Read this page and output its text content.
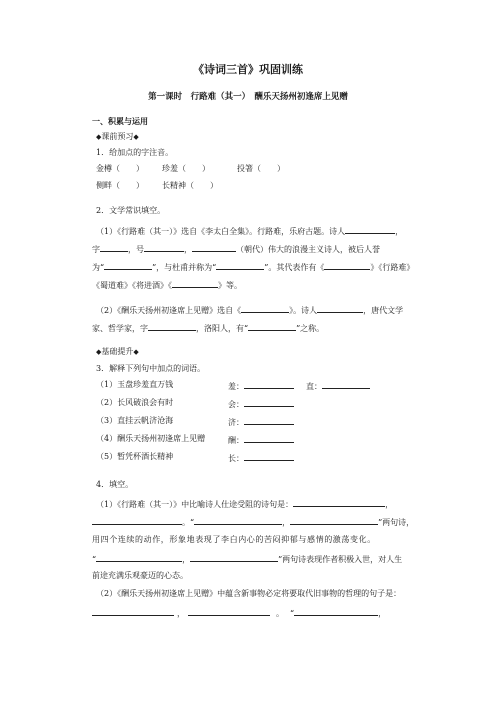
《诗词三首》巩固训练
第一课时　行路难（其一）　酬乐天扬州初逢席上见赠
一、积累与运用
◆课前预习◆
1．给加点的字注音。
金樽（　　） 珍羞（　　）	投箸（　　）
侧畔（　　） 长精神（　　）
2．文学常识填空。
（1）《行路难（其一）》选自《李太白全集》。行路难，乐府古题。诗人	，
字	，号	，	（朝代）伟大的浪漫主义诗人，被后人誉
为“	”，与杜甫并称为“	”。其代表作有《	》《行路难》
《蜀道难》《将进酒》《	》等。
（2）《酬乐天扬州初逢席上见赠》选自《	》。诗人	，唐代文学
家、哲学家，字	，洛阳人，有“	”之称。
◆基础提升◆
3．解释下列句中加点的词语。
（1）玉盘珍羞直万钱	羞：	直：
（2）长风破浪会有时	会：
（3）直挂云帆济沧海	济：
（4）酬乐天扬州初逢席上见赠	酬：
（5）暂凭杯酒长精神	长：
4．填空。
（1）《行路难（其一）》中比喻诗人仕途受阻的诗句是：	，
。“	，	”两句诗，
用四个连续的动作，形象地表现了李白内心的苦闷抑郁与感情的激荡变化。
“	，	”两句诗表现作者积极入世，对人生
前途充满乐观豪迈的心态。
（2）《酬乐天扬州初逢席上见赠》中蕴含新事物必定将要取代旧事物的哲理的句子是：
，	。 “	，
